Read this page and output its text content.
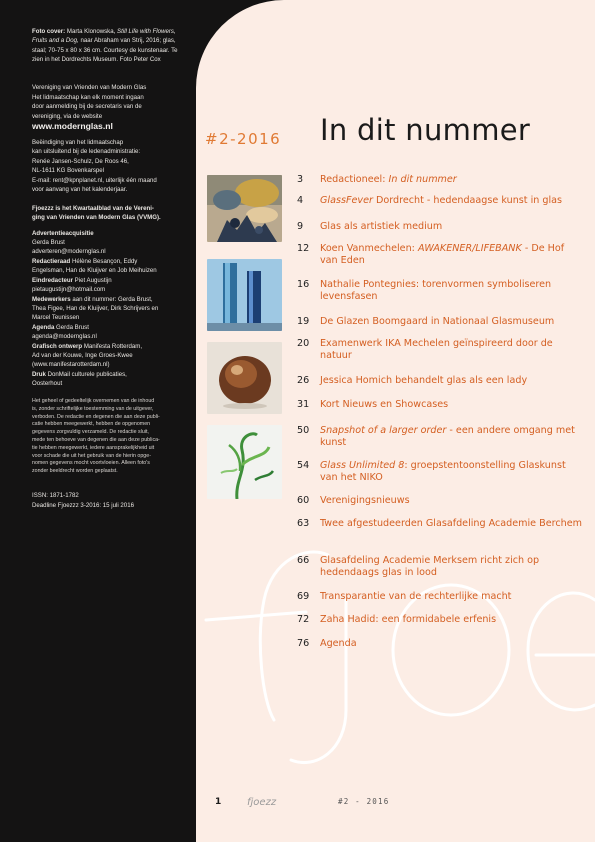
Foto cover: Marta Klonowska, Still Life with Flowers, Fruits and a Dog, naar Abraham van Strij, 2016; glas, staal; 70-75 x 80 x 36 cm. Courtesy de kunstenaar. Te zien in het Dordrechts Museum. Foto Peter Cox

Vereniging van Vrienden van Modern Glas

Het lidmaatschap kan elk moment ingaan

door aanmelding bij de secretaris van de

vereniging, via de website

www.modernglas.nl

Beëindiging van het lidmaatschap

kan uitsluitend bij de ledenadministratie:

Renée Jansen-Schulz, De Roos 46,

NL-1611 KG Bovenkarspel

E-mail: rent@kpnplanet.nl, uiterlijk één maand

voor aanvang van het kalenderjaar.

Fjoezzz is het Kwartaalblad van de Vereni-

ging van Vrienden van Modern Glas (VVMG).

Advertentieacquisitie

Gerda Brust

adverteren@modernglas.nl

Redactieraad Hélène Besançon, Eddy

Engelsman, Han de Kluijver en Job Meihuizen

Eindredacteur Piet Augustijn

pietaugustijn@hotmail.com

Medewerkers aan dit nummer: Gerda Brust,

Thea Figee, Han de Kluijver, Dirk Schrijvers en

Marcel Teunissen

Agenda Gerda Brust

agenda@modernglas.nl

Grafisch ontwerp Manifesta Rotterdam,

Ad van der Kouwe, Inge Groes-Kwee

(www.manifestarotterdam.nl)

Druk DonMail culturele publicaties,

Oosterhout

Het geheel of gedeeltelijk overnemen van de inhoud

is, zonder schriftelijke toestemming van de uitgever,

verboden. De redactie en degenen die aan deze publi-

catie hebben meegewerkt, hebben de opgenomen

gegevens zorgvuldig verzameld. De redactie sluit,

mede ten behoeve van degenen die aan deze publica-

tie hebben meegewerkt, iedere aansprakelijkheid uit

voor schade die uit het gebruik van de hierin opge-

nomen gegevens mocht voortvloeien. Alleen foto's

zonder beeldrecht worden geplaatst.

ISSN: 1871-1782

Deadline Fjoezzz 3-2016: 15 juli 2016

#2-2016 In dit nummer
3	Redactioneel: In dit nummer
4	GlassFever Dordrecht - hedendaagse kunst in glas
9	Glas als artistiek medium
12	Koen Vanmechelen: AWAKENER/LIFEBANK - De Hof van Eden
16	Nathalie Pontegnies: torenvormen symboliseren levensfasen
19	De Glazen Boomgaard in Nationaal Glasmuseum
20	Examenwerk IKA Mechelen geïnspireerd door de natuur
26	Jessica Homich behandelt glas als een lady
31	Kort Nieuws en Showcases
50	Snapshot of a larger order - een andere omgang met kunst
54	Glass Unlimited 8: groepstentoonstelling Glaskunst van het NIKO
60	Verenigingsnieuws
63	Twee afgestudeerden Glasafdeling Academie Berchem
66	Glasafdeling Academie Merksem richt zich op hedendaags glas in lood
69	Transparantie van de rechterlijke macht
72	Zaha Hadid: een formidabele erfenis
76	Agenda
1	fjoezz	#2 - 2016
